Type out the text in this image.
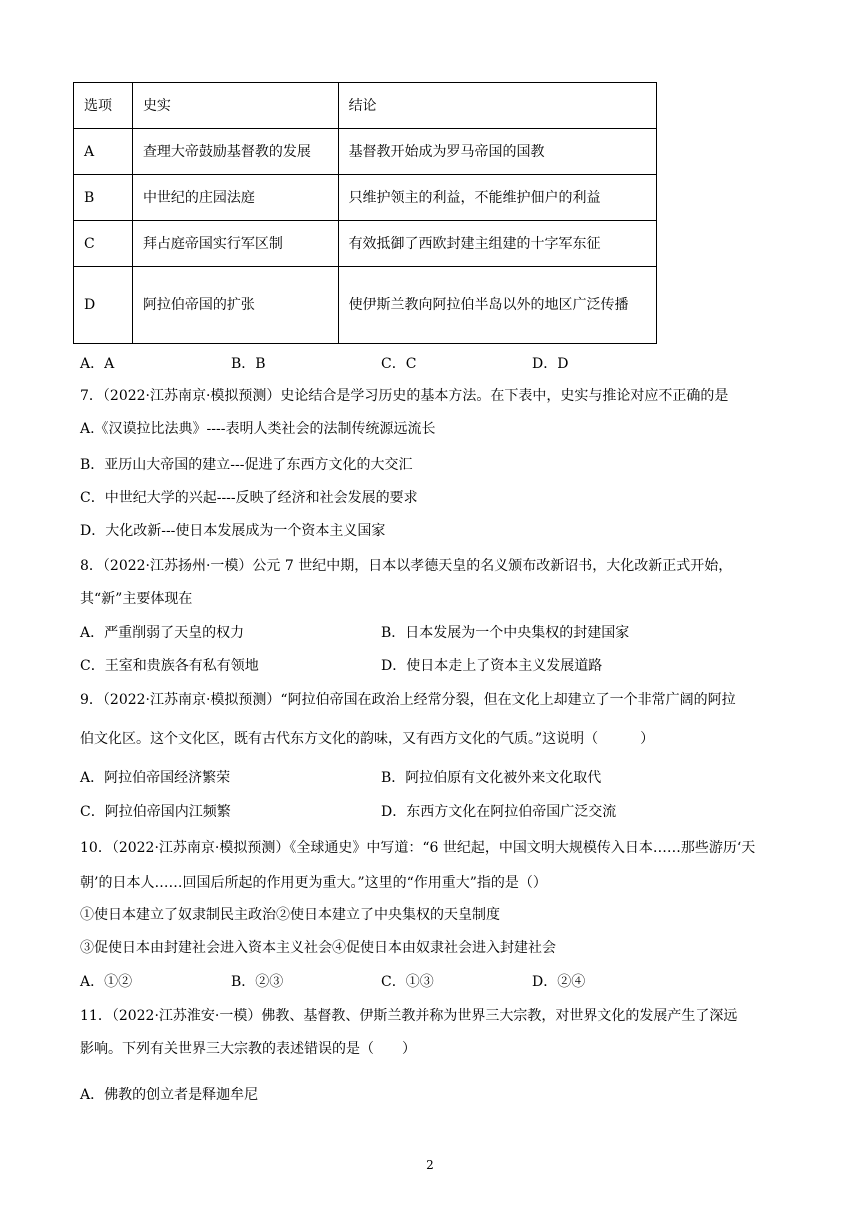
选项	史实	结论
A	查理大帝鼓励基督教的发展	基督教开始成为罗马帝国的国教
B	中世纪的庄园法庭	只维护领主的利益，不能维护佃户的利益
C	拜占庭帝国实行军区制	有效抵御了西欧封建主组建的十字军东征
D	阿拉伯帝国的扩张	使伊斯兰教向阿拉伯半岛以外的地区广泛传播
A．A	B．B	C．C	D．D
7．（2022·江苏南京·模拟预测）史论结合是学习历史的基本方法。在下表中，史实与推论对应不正确的是
A.《汉谟拉比法典》----表明人类社会的法制传统源远流长
B．亚历山大帝国的建立---促进了东西方文化的大交汇
C．中世纪大学的兴起----反映了经济和社会发展的要求
D．大化改新---使日本发展成为一个资本主义国家
8．（2022·江苏扬州·一模）公元 7 世纪中期，日本以孝德天皇的名义颁布改新诏书，大化改新正式开始，
其“新”主要体现在
A．严重削弱了天皇的权力	B．日本发展为一个中央集权的封建国家
C．王室和贵族各有私有领地	D．使日本走上了资本主义发展道路
9．（2022·江苏南京·模拟预测）“阿拉伯帝国在政治上经常分裂，但在文化上却建立了一个非常广阔的阿拉
伯文化区。这个文化区，既有古代东方文化的韵味，又有西方文化的气质。”这说明（　　　）
A．阿拉伯帝国经济繁荣	B．阿拉伯原有文化被外来文化取代
C．阿拉伯帝国内江频繁	D．东西方文化在阿拉伯帝国广泛交流
10．（2022·江苏南京·模拟预测）《全球通史》中写道：“6 世纪起，中国文明大规模传入日本……那些游历‘天
朝’的日本人……回国后所起的作用更为重大。”这里的“作用重大”指的是（）
①使日本建立了奴隶制民主政治②使日本建立了中央集权的天皇制度
③促使日本由封建社会进入资本主义社会④促使日本由奴隶社会进入封建社会
A．①②	B．②③	C．①③	D．②④
11．（2022·江苏淮安·一模）佛教、基督教、伊斯兰教并称为世界三大宗教，对世界文化的发展产生了深远
影响。下列有关世界三大宗教的表述错误的是（　　）
A．佛教的创立者是释迦牟尼
2
